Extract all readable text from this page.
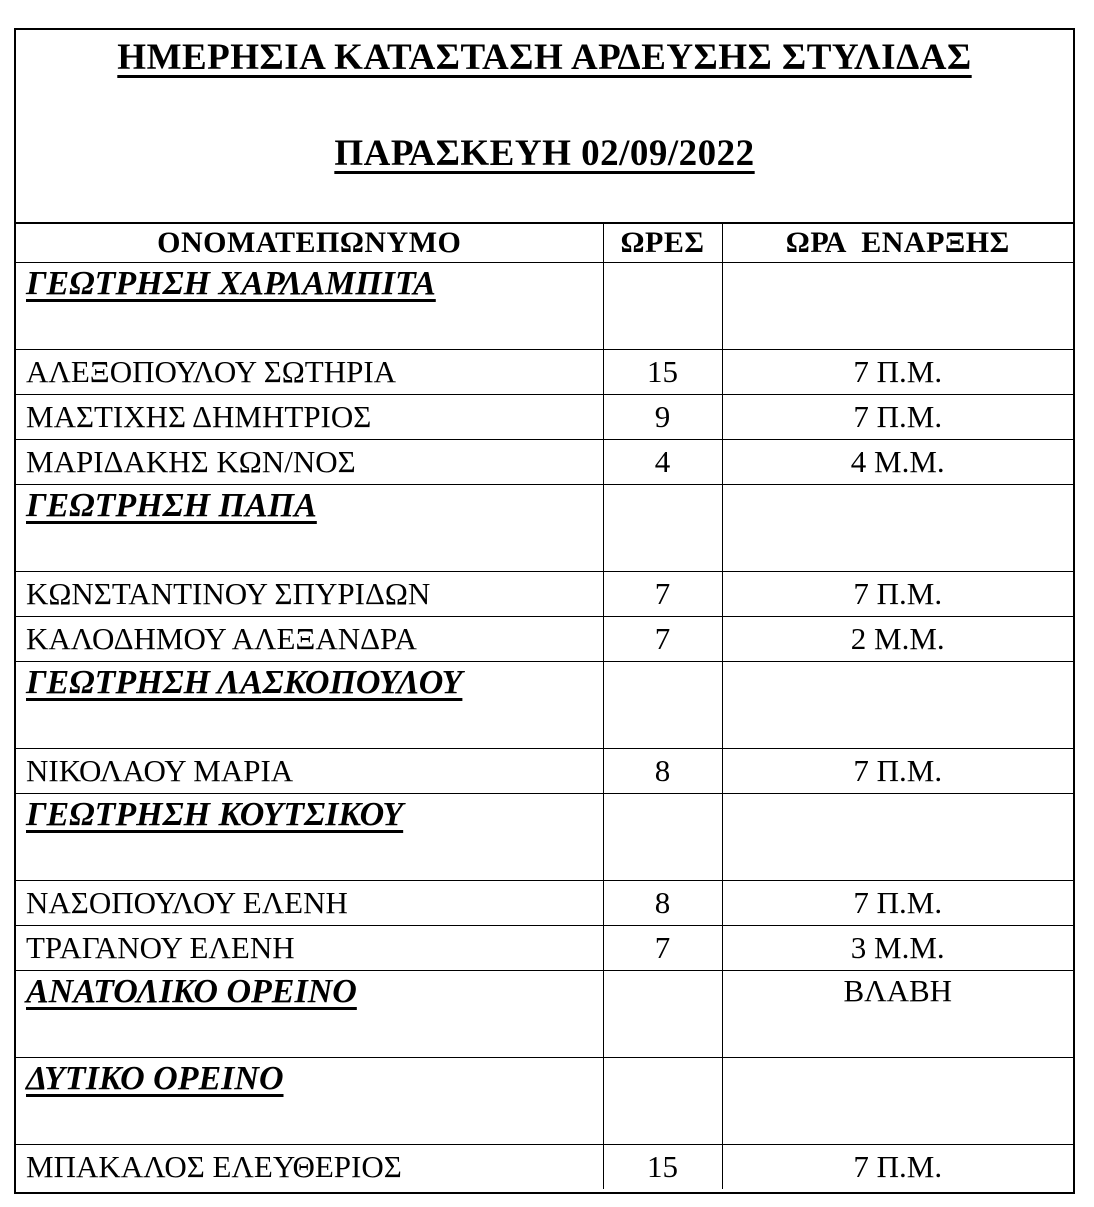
ΗΜΕΡΗΣΙΑ ΚΑΤΑΣΤΑΣΗ ΑΡΔΕΥΣΗΣ ΣΤΥΛΙΔΑΣ
ΠΑΡΑΣΚΕΥΗ 02/09/2022
ΟΝΟΜΑΤΕΠΩΝΥΜΟ	ΩΡΕΣ	ΩΡΑ  ΕΝΑΡΞΗΣ
ΓΕΩΤΡΗΣΗ ΧΑΡΛΑΜΠΙΤΑ		
ΑΛΕΞΟΠΟΥΛΟΥ ΣΩΤΗΡΙΑ	15	7 Π.Μ.
ΜΑΣΤΙΧΗΣ ΔΗΜΗΤΡΙΟΣ	9	7 Π.Μ.
ΜΑΡΙΔΑΚΗΣ ΚΩΝ/ΝΟΣ	4	4 Μ.Μ.
ΓΕΩΤΡΗΣΗ ΠΑΠΑ		
ΚΩΝΣΤΑΝΤΙΝΟΥ ΣΠΥΡΙΔΩΝ	7	7 Π.Μ.
ΚΑΛΟΔΗΜΟΥ ΑΛΕΞΑΝΔΡΑ	7	2 Μ.Μ.
ΓΕΩΤΡΗΣΗ ΛΑΣΚΟΠΟΥΛΟΥ		
ΝΙΚΟΛΑΟΥ ΜΑΡΙΑ	8	7 Π.Μ.
ΓΕΩΤΡΗΣΗ ΚΟΥΤΣΙΚΟΥ		
ΝΑΣΟΠΟΥΛΟΥ ΕΛΕΝΗ	8	7 Π.Μ.
ΤΡΑΓΑΝΟΥ ΕΛΕΝΗ	7	3 Μ.Μ.
ΑΝΑΤΟΛΙΚΟ ΟΡΕΙΝΟ		ΒΛΑΒΗ
ΔΥΤΙΚΟ ΟΡΕΙΝΟ		
ΜΠΑΚΑΛΟΣ ΕΛΕΥΘΕΡΙΟΣ	15	7 Π.Μ.
